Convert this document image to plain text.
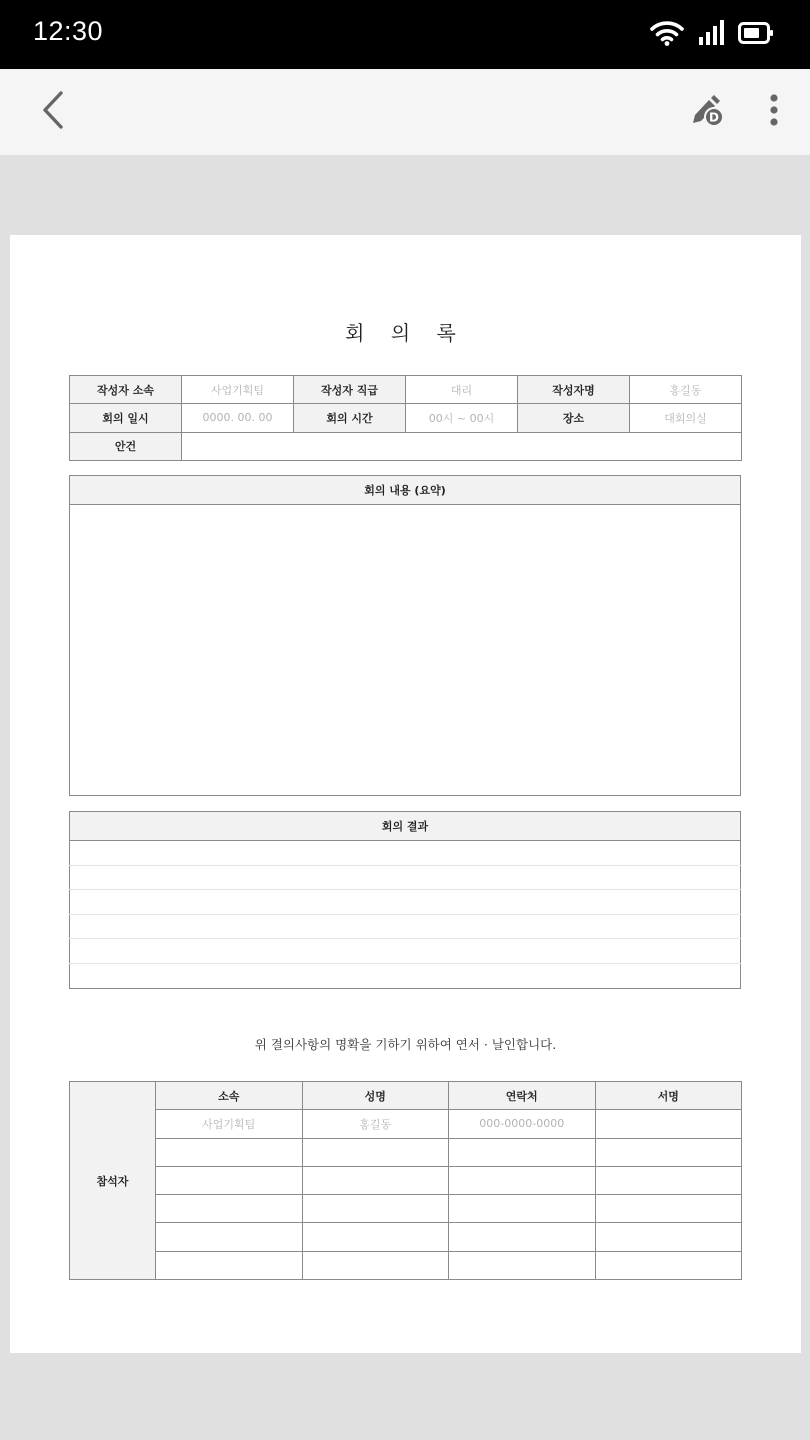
12:30
D
회 의 록
작성자 소속	사업기획팀	작성자 직급	대리	작성자명	홍길동
회의 일시	0000. 00. 00	회의 시간	00시 ~ 00시	장소	대회의실
안건					
회의 내용 (요약)

회의 결과

위 결의사항의 명확을 기하기 위하여 연서 · 날인합니다.
참석자	소속	성명	연락처	서명
	사업기획팀	홍길동	000-0000-0000	
